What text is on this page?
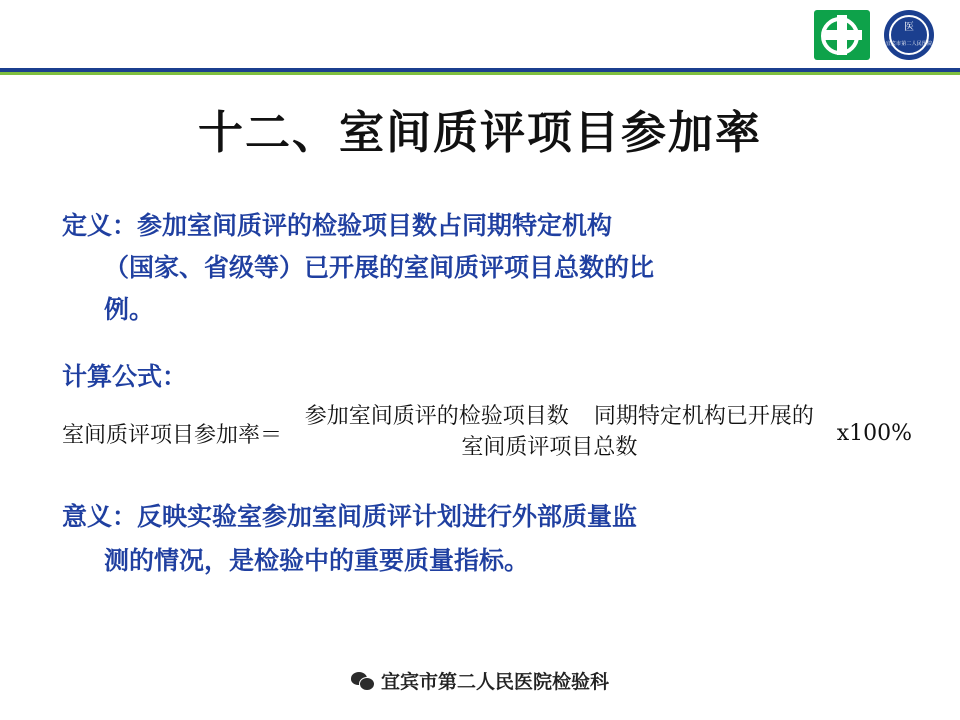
医
宜宾市第二人民医院
十二、室间质评项目参加率
定义：参加室间质评的检验项目数占同期特定机构
（国家、省级等）已开展的室间质评项目总数的比
例。
计算公式：
室间质评项目参加率＝
参加室间质评的检验项目数 同期特定机构已开展的室间质评项目总数
x100%
意义：反映实验室参加室间质评计划进行外部质量监
测的情况，是检验中的重要质量指标。
宜宾市第二人民医院检验科
